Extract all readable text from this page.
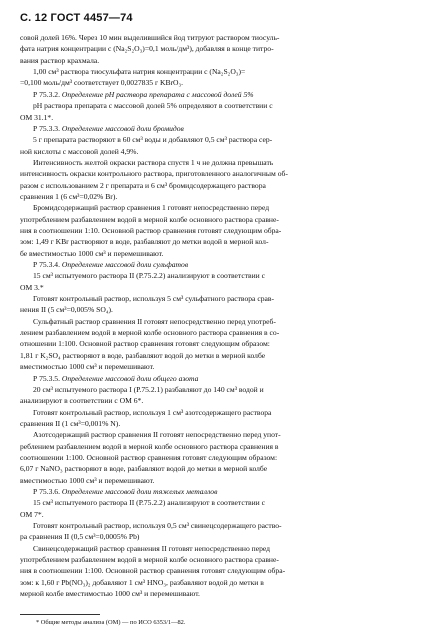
С. 12 ГОСТ 4457—74
совой долей 16%. Через 10 мин выделившийся йод титруют раствором тиосуль-
фата натрия концентрации c (Na₂S₂O₃)=0,1 моль/дм³), добавляя в конце титро-
вания раствор крахмала.
1,00 см³ раствора тиосульфата натрия концентрации c (Na₂S₂O₃)=
=0,100 моль/дм³ соответствует 0,0027835 г KBrO₃.
Р 75.3.2. Определение pH раствора препарата с массовой долей 5%
pH раствора препарата с массовой долей 5% определяют в соответствии с
ОМ 31.1*.
Р 75.3.3. Определение массовой доли бромидов
5 г препарата растворяют в 60 см³ воды и добавляют 0,5 см³ раствора сер-
ной кислоты с массовой долей 4,9%.
Интенсивность желтой окраски раствора спустя 1 ч не должна превышать
интенсивность окраски контрольного раствора, приготовленного аналогичным об-
разом с использованием 2 г препарата и 6 см³ бромидсодержащего раствора
сравнения 1 (6 см³=0,02% Br).
Бромидсодержащий раствор сравнения 1 готовят непосредственно перед
употреблением разбавлением водой в мерной колбе основного раствора сравне-
ния в соотношении 1:10. Основной раствор сравнения готовят следующим обра-
зом: 1,49 г KBr растворяют в воде, разбавляют до метки водой в мерной кол-
бе вместимостью 1000 см³ и перемешивают.
Р 75.3.4. Определение массовой доли сульфатов
15 см³ испытуемого раствора II (Р.75.2.2) анализируют в соответствии с
ОМ 3.*
Готовят контрольный раствор, используя 5 см³ сульфатного раствора срав-
нения II (5 см³=0,005% SO₄).
Сульфатный раствор сравнения II готовят непосредственно перед употреб-
лением разбавлением водой в мерной колбе основного раствора сравнения в со-
отношении 1:100. Основной раствор сравнения готовят следующим образом:
1,81 г K₂SO₄ растворяют в воде, разбавляют водой до метки в мерной колбе
вместимостью 1000 см³ и перемешивают.
Р 75.3.5. Определение массовой доли общего азота
20 см³ испытуемого раствора I (Р.75.2.1) разбавляют до 140 см³ водой и
анализируют в соответствии с ОМ 6*.
Готовят контрольный раствор, используя 1 см³ азотсодержащего раствора
сравнения II (1 см³=0,001% N).
Азотсодержащий раствор сравнения II готовят непосредственно перед упот-
реблением разбавлением водой в мерной колбе основного раствора сравнения в
соотношении 1:100. Основной раствор сравнения готовят следующим образом:
6,07 г NaNO₃ растворяют в воде, разбавляют водой до метки в мерной колбе
вместимостью 1000 см³ и перемешивают.
Р 75.3.6. Определение массовой доли тяжелых металлов
15 см³ испытуемого раствора II (Р.75.2.2) анализируют в соответствии с
ОМ 7*.
Готовят контрольный раствор, используя 0,5 см³ свинецсодержащего раство-
ра сравнения II (0,5 см³=0,0005% Pb)
Свинецсодержащий раствор сравнения II готовят непосредственно перед
употреблением разбавлением водой в мерной колбе основного раствора сравне-
ния в соотношении 1:100. Основной раствор сравнения готовят следующим обра-
зом: к 1,60 г Pb(NO₃)₂ добавляют 1 см³ HNO₃, разбавляют водой до метки в
мерной колбе вместимостью 1000 см³ и перемешивают.
* Общие методы анализа (ОМ) — по ИСО 6353/1—82.
